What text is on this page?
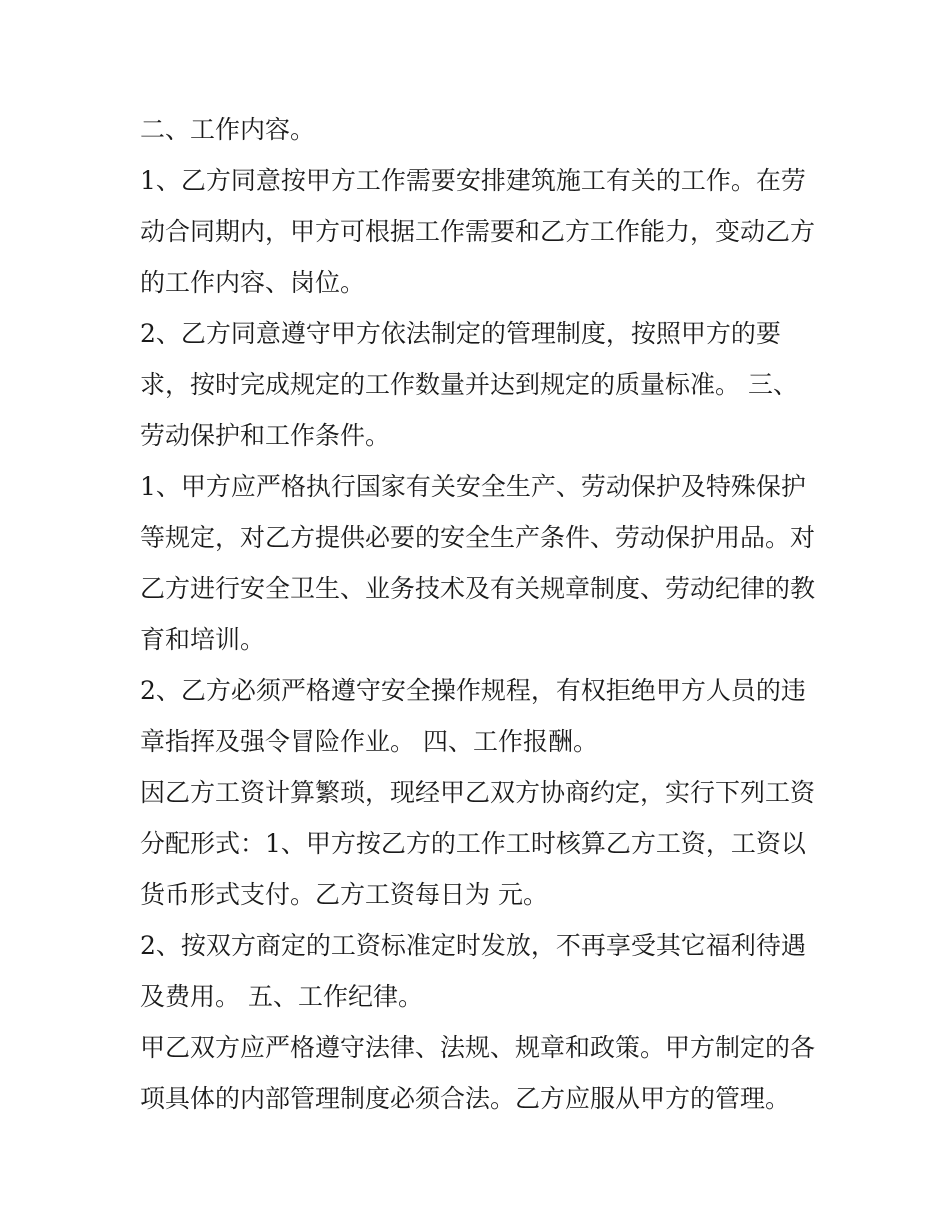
二、工作内容。
1、乙方同意按甲方工作需要安排建筑施工有关的工作。在劳
动合同期内，甲方可根据工作需要和乙方工作能力，变动乙方
的工作内容、岗位。
2、乙方同意遵守甲方依法制定的管理制度，按照甲方的要
求，按时完成规定的工作数量并达到规定的质量标准。 三、
劳动保护和工作条件。
1、甲方应严格执行国家有关安全生产、劳动保护及特殊保护
等规定，对乙方提供必要的安全生产条件、劳动保护用品。对
乙方进行安全卫生、业务技术及有关规章制度、劳动纪律的教
育和培训。
2、乙方必须严格遵守安全操作规程，有权拒绝甲方人员的违
章指挥及强令冒险作业。 四、工作报酬。
因乙方工资计算繁琐，现经甲乙双方协商约定，实行下列工资
分配形式：1、甲方按乙方的工作工时核算乙方工资，工资以
货币形式支付。乙方工资每日为 元。
2、按双方商定的工资标准定时发放，不再享受其它福利待遇
及费用。 五、工作纪律。
甲乙双方应严格遵守法律、法规、规章和政策。甲方制定的各
项具体的内部管理制度必须合法。乙方应服从甲方的管理。
